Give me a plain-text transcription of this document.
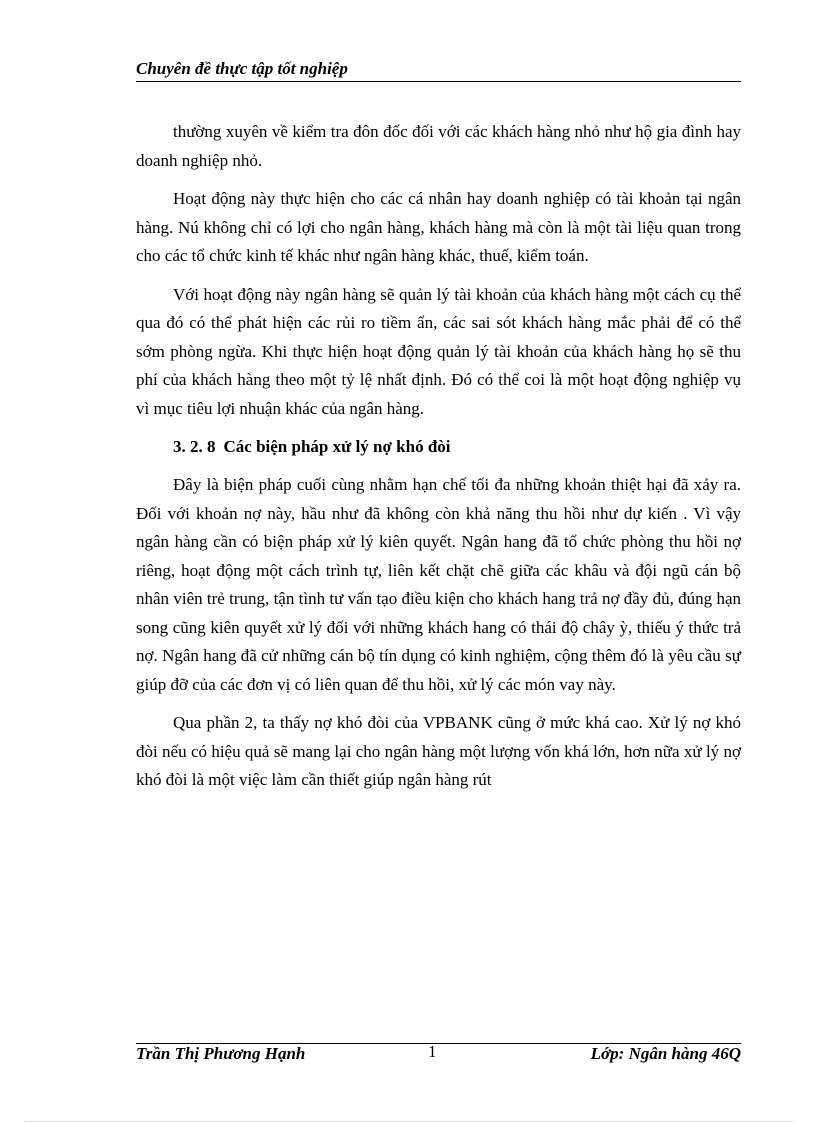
Chuyên đề thực tập tốt nghiệp

thường xuyên về kiểm tra đôn đốc đối với các khách hàng nhỏ như hộ gia đình hay doanh nghiệp nhỏ.

Hoạt động này thực hiện cho các cá nhân hay doanh nghiệp có tài khoản tại ngân hàng. Nú không chỉ có lợi cho ngân hàng, khách hàng mà còn là một tài liệu quan trong cho các tổ chức kinh tế khác như ngân hàng khác, thuế, kiểm toán.

Với hoạt động này ngân hàng sẽ quản lý tài khoản của khách hàng một cách cụ thể qua đó có thể phát hiện các rủi ro tiềm ẩn, các sai sót khách hàng mắc phải để có thể sớm phòng ngừa. Khi thực hiện hoạt động quản lý tài khoản của khách hàng họ sẽ thu phí của khách hàng theo một tỷ lệ nhất định. Đó có thể coi là một hoạt động nghiệp vụ vì mục tiêu lợi nhuận khác của ngân hàng.

3. 2. 8 Các biện pháp xử lý nợ khó đòi

Đây là biện pháp cuối cùng nhằm hạn chế tối đa những khoản thiệt hại đã xảy ra. Đối với khoản nợ này, hầu như đã không còn khả năng thu hồi như dự kiến . Vì vậy ngân hàng cần có biện pháp xử lý kiên quyết. Ngân hang đã tổ chức phòng thu hồi nợ riêng, hoạt động một cách trình tự, liên kết chặt chẽ giữa các khâu và đội ngũ cán bộ nhân viên trẻ trung, tận tình tư vấn tạo điều kiện cho khách hang trả nợ đầy đủ, đúng hạn song cũng kiên quyết xử lý đối với những khách hang có thái độ chây ỳ, thiếu ý thức trả nợ. Ngân hang đã cử những cán bộ tín dụng có kinh nghiệm, cộng thêm đó là yêu cầu sự giúp đỡ của các đơn vị có liên quan để thu hồi, xử lý các món vay này.

Qua phần 2, ta thấy nợ khó đòi của VPBANK cũng ở mức khá cao. Xử lý nợ khó đòi nếu có hiệu quả sẽ mang lại cho ngân hàng một lượng vốn khá lớn, hơn nữa xử lý nợ khó đòi là một việc làm cần thiết giúp ngân hàng rút

Trần Thị Phương Hạnh	1	Lớp: Ngân hàng 46Q
